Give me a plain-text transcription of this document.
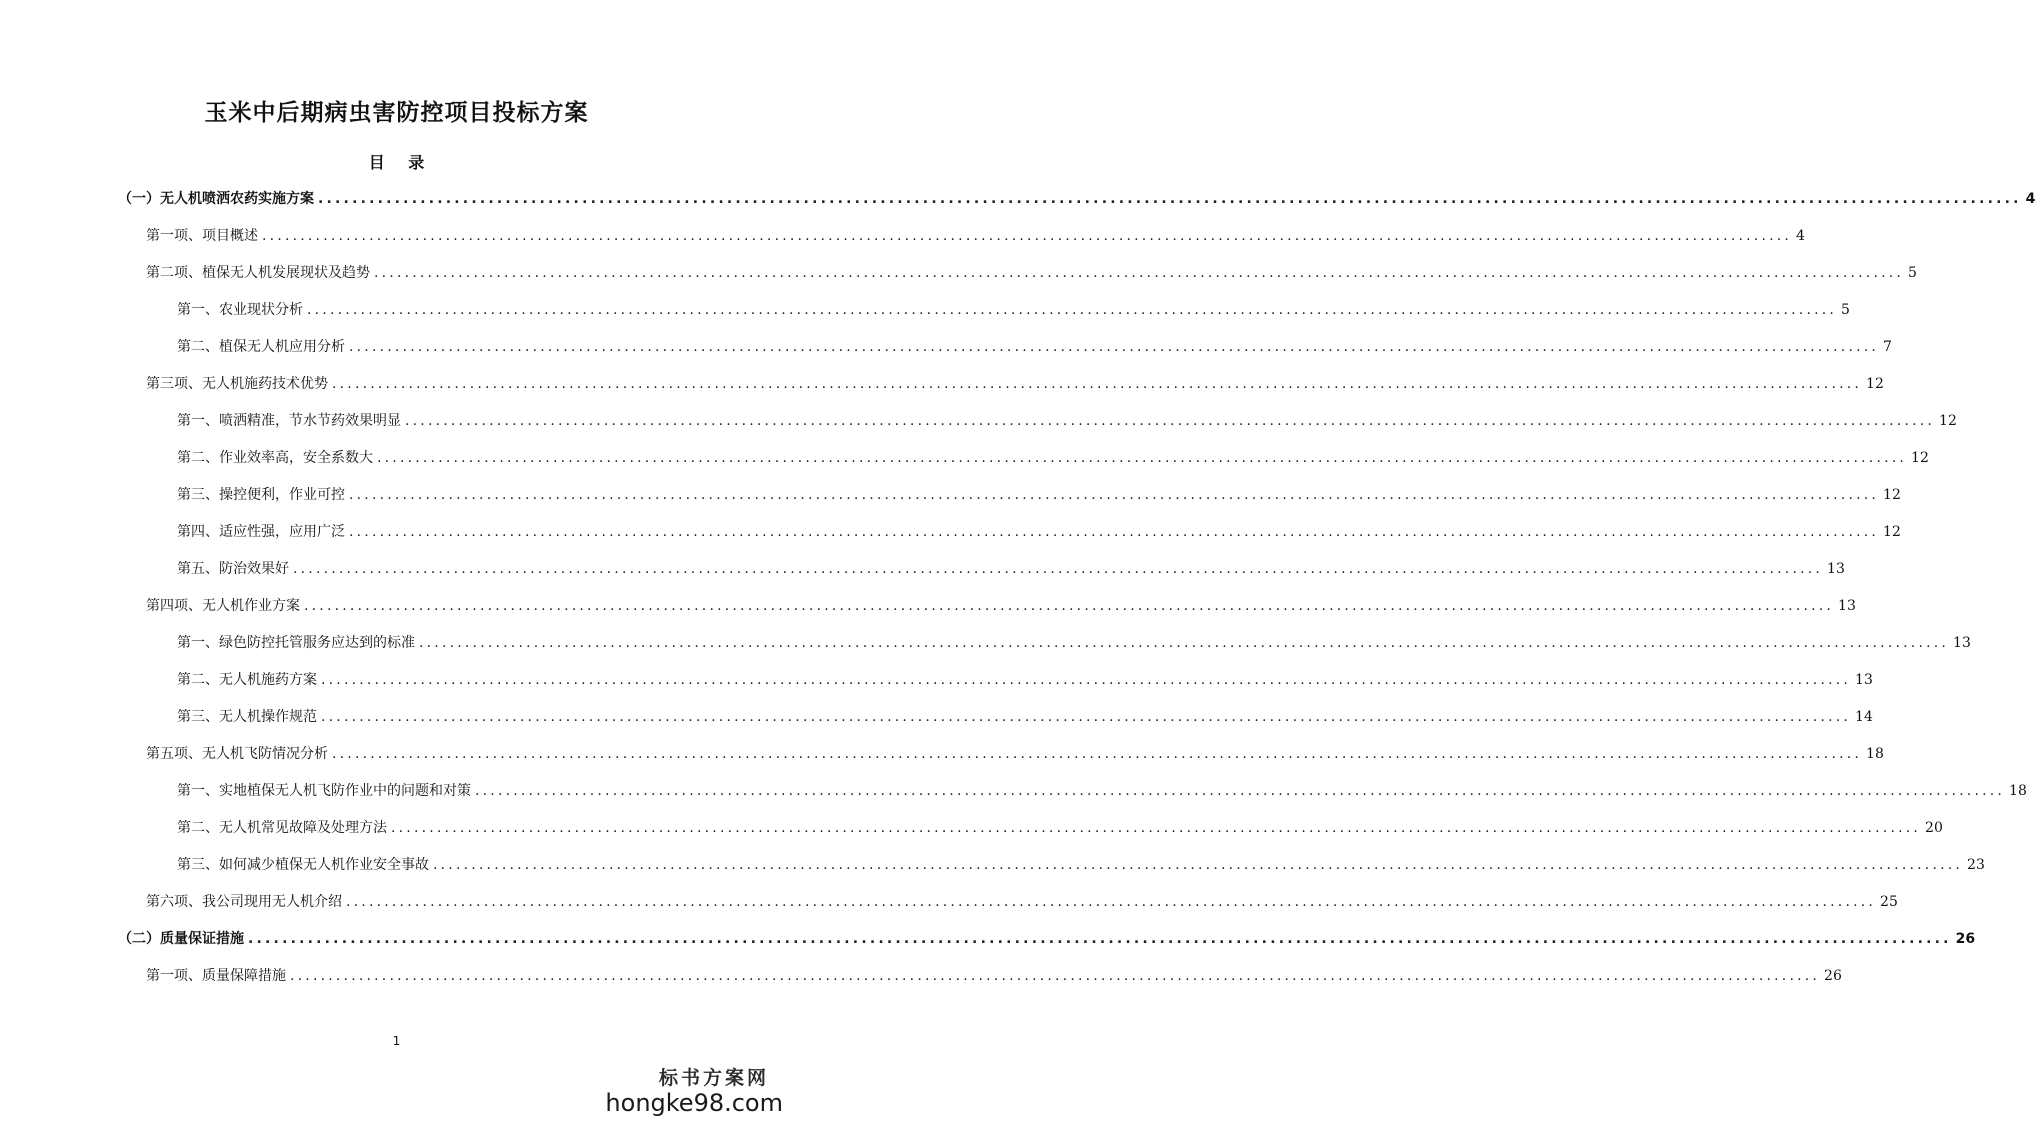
玉米中后期病虫害防控项目投标方案
目 录
（一）无人机喷洒农药实施方案 ........................................................................................................................................................................................................ 4
第一项、项目概述 ........................................................................................................................................................................................................ 4
第二项、植保无人机发展现状及趋势 ........................................................................................................................................................................................................ 5
第一、农业现状分析 ........................................................................................................................................................................................................ 5
第二、植保无人机应用分析 ........................................................................................................................................................................................................ 7
第三项、无人机施药技术优势 ........................................................................................................................................................................................................ 12
第一、喷洒精准，节水节药效果明显 ........................................................................................................................................................................................................ 12
第二、作业效率高，安全系数大 ........................................................................................................................................................................................................ 12
第三、操控便利，作业可控 ........................................................................................................................................................................................................ 12
第四、适应性强，应用广泛 ........................................................................................................................................................................................................ 12
第五、防治效果好 ........................................................................................................................................................................................................ 13
第四项、无人机作业方案 ........................................................................................................................................................................................................ 13
第一、绿色防控托管服务应达到的标准 ........................................................................................................................................................................................................ 13
第二、无人机施药方案 ........................................................................................................................................................................................................ 13
第三、无人机操作规范 ........................................................................................................................................................................................................ 14
第五项、无人机飞防情况分析 ........................................................................................................................................................................................................ 18
第一、实地植保无人机飞防作业中的问题和对策 ........................................................................................................................................................................................................ 18
第二、无人机常见故障及处理方法 ........................................................................................................................................................................................................ 20
第三、如何减少植保无人机作业安全事故 ........................................................................................................................................................................................................ 23
第六项、我公司现用无人机介绍 ........................................................................................................................................................................................................ 25
（二）质量保证措施 ........................................................................................................................................................................................................ 26
第一项、质量保障措施 ........................................................................................................................................................................................................ 26
1
标书方案网
hongke98.com
